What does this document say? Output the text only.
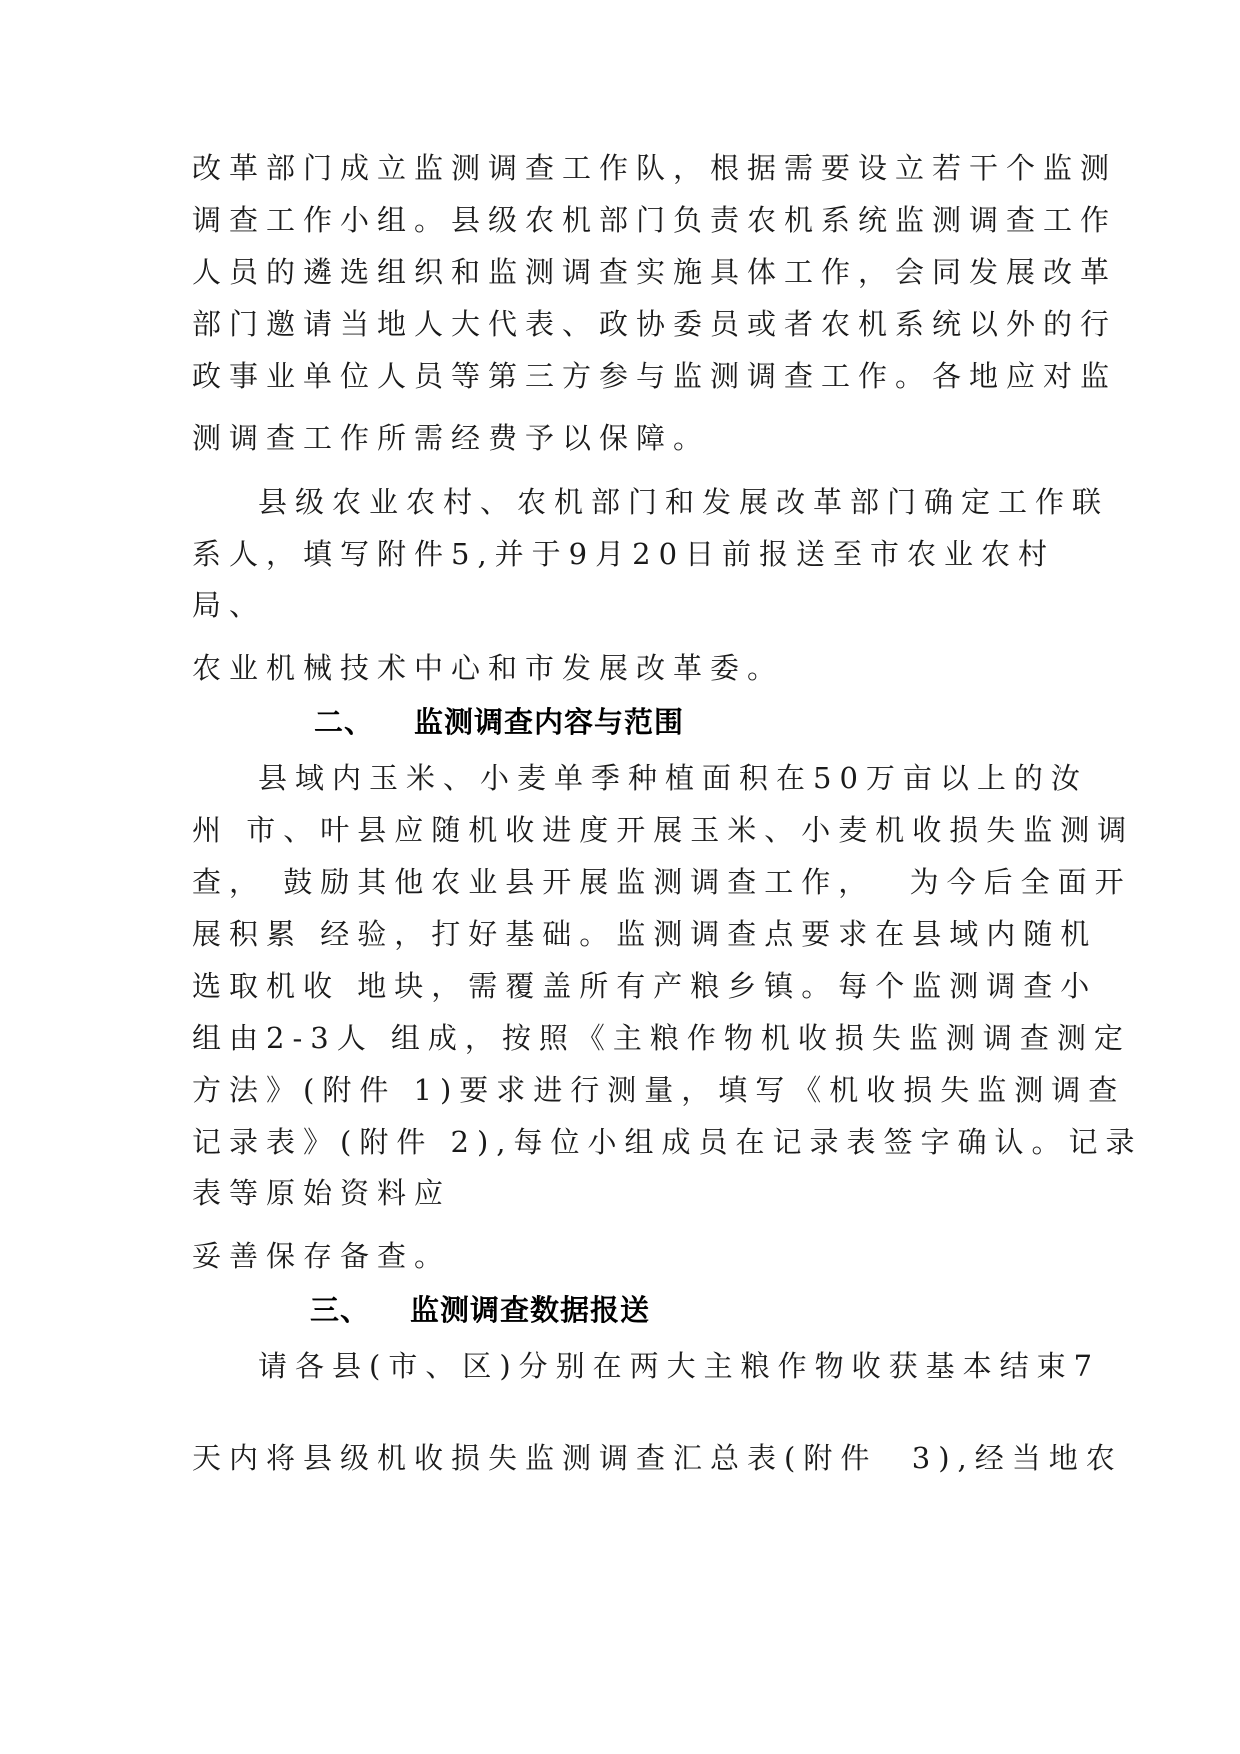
改革部门成立监测调查工作队，根据需要设立若干个监测
调查工作小组。县级农机部门负责农机系统监测调查工作
人员的遴选组织和监测调查实施具体工作，会同发展改革
部门邀请当地人大代表、政协委员或者农机系统以外的行
政事业单位人员等第三方参与监测调查工作。各地应对监
测调查工作所需经费予以保障。
县级农业农村、农机部门和发展改革部门确定工作联
系人，填写附件5,并于9月20日前报送至市农业农村
局、
农业机械技术中心和市发展改革委。
二、 监测调查内容与范围
县域内玉米、小麦单季种植面积在50万亩以上的汝
州 市、叶县应随机收进度开展玉米、小麦机收损失监测调
查， 鼓励其他农业县开展监测调查工作，  为今后全面开
展积累 经验，打好基础。监测调查点要求在县域内随机
选取机收 地块，需覆盖所有产粮乡镇。每个监测调查小
组由2-3人 组成，按照《主粮作物机收损失监测调查测定
方法》(附件 1)要求进行测量，填写《机收损失监测调查
记录表》(附件 2),每位小组成员在记录表签字确认。记录
表等原始资料应
妥善保存备查。
三、 监测调查数据报送
请各县(市、区)分别在两大主粮作物收获基本结束7
天内将县级机收损失监测调查汇总表(附件  3),经当地农
